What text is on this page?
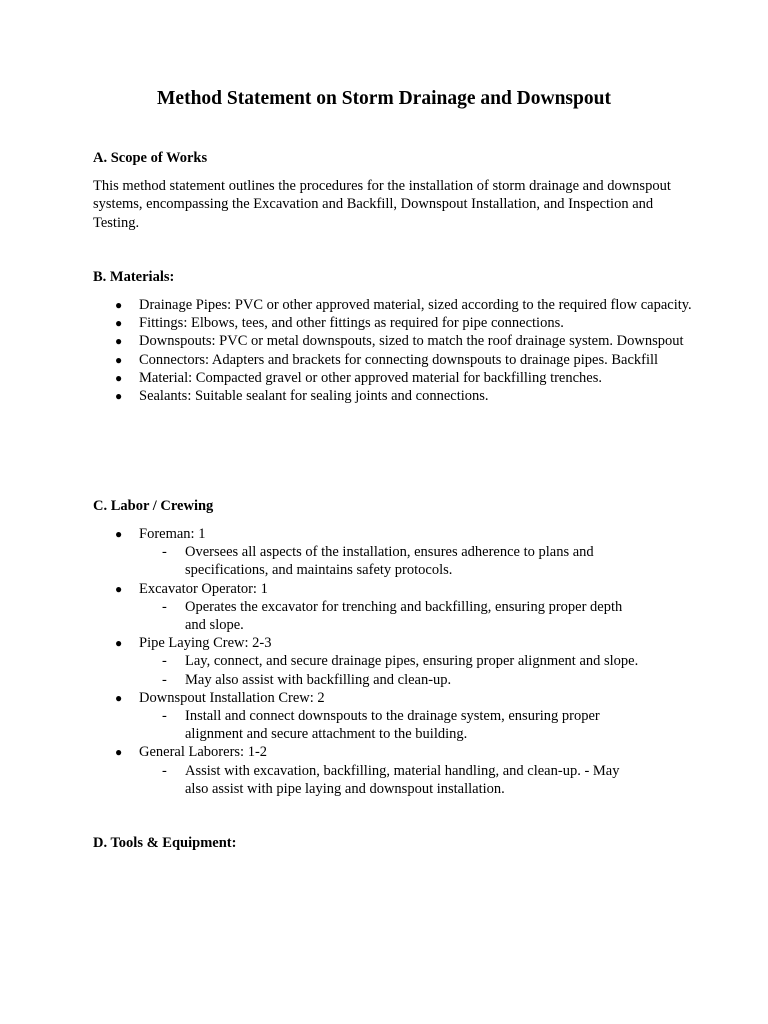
Method Statement on Storm Drainage and Downspout
A. Scope of Works

This method statement outlines the procedures for the installation of storm drainage and downspout systems, encompassing the Excavation and Backfill, Downspout Installation, and Inspection and Testing.

B. Materials:
● Drainage Pipes: PVC or other approved material, sized according to the required flow capacity.
● Fittings: Elbows, tees, and other fittings as required for pipe connections.
● Downspouts: PVC or metal downspouts, sized to match the roof drainage system. Downspout
● Connectors: Adapters and brackets for connecting downspouts to drainage pipes. Backfill
● Material: Compacted gravel or other approved material for backfilling trenches.
● Sealants: Suitable sealant for sealing joints and connections.
C. Labor / Crewing
● Foreman: 1
- Oversees all aspects of the installation, ensures adherence to plans and specifications, and maintains safety protocols.
● Excavator Operator: 1
- Operates the excavator for trenching and backfilling, ensuring proper depth and slope.
● Pipe Laying Crew: 2-3
- Lay, connect, and secure drainage pipes, ensuring proper alignment and slope.
- May also assist with backfilling and clean-up.
● Downspout Installation Crew: 2
- Install and connect downspouts to the drainage system, ensuring proper alignment and secure attachment to the building.
● General Laborers: 1-2
- Assist with excavation, backfilling, material handling, and clean-up. - May also assist with pipe laying and downspout installation.
D. Tools & Equipment:
